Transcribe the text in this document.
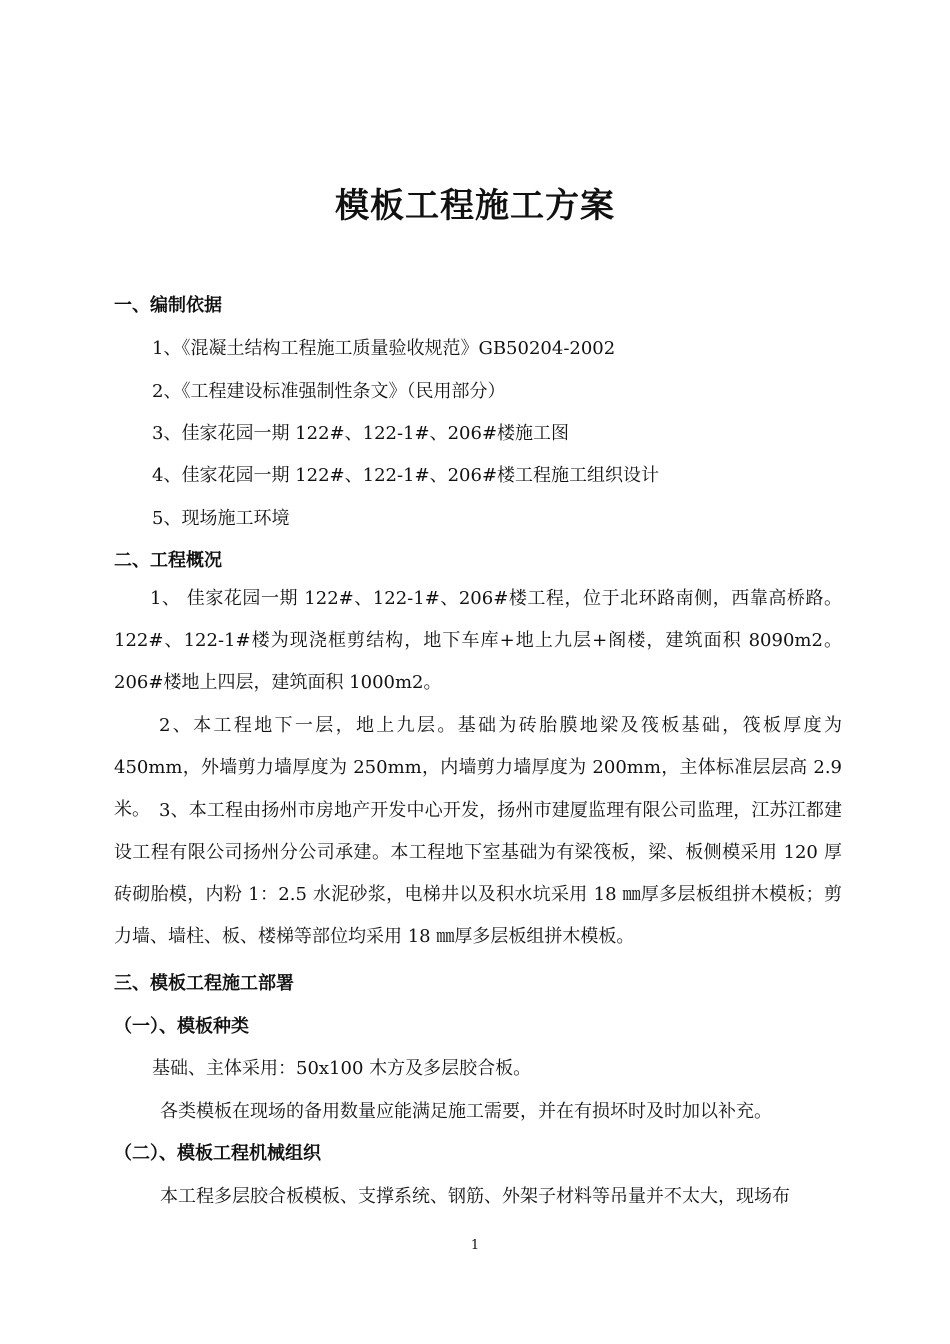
模板工程施工方案
一、编制依据
1、《混凝土结构工程施工质量验收规范》GB50204-2002
2、《工程建设标准强制性条文》（民用部分）
3、佳家花园一期 122#、122-1#、206#楼施工图
4、佳家花园一期 122#、122-1#、206#楼工程施工组织设计
5、现场施工环境
二、工程概况
1、 佳家花园一期 122#、122-1#、206#楼工程，位于北环路南侧，西靠高桥路。122#、122-1#楼为现浇框剪结构，地下车库+地上九层+阁楼，建筑面积 8090m2。206#楼地上四层，建筑面积 1000m2。
2、本工程地下一层，地上九层。基础为砖胎膜地梁及筏板基础，筏板厚度为 450mm，外墙剪力墙厚度为 250mm，内墙剪力墙厚度为 200mm，主体标准层层高 2.9 米。 3、本工程由扬州市房地产开发中心开发，扬州市建厦监理有限公司监理，江苏江都建设工程有限公司扬州分公司承建。本工程地下室基础为有梁筏板，梁、板侧模采用 120 厚砖砌胎模，内粉 1：2.5 水泥砂浆，电梯井以及积水坑采用 18 ㎜厚多层板组拼木模板；剪力墙、墙柱、板、楼梯等部位均采用 18 ㎜厚多层板组拼木模板。
三、模板工程施工部署
（一）、模板种类
基础、主体采用：50x100 木方及多层胶合板。
各类模板在现场的备用数量应能满足施工需要，并在有损坏时及时加以补充。
（二）、模板工程机械组织
本工程多层胶合板模板、支撑系统、钢筋、外架子材料等吊量并不太大，现场布
1
